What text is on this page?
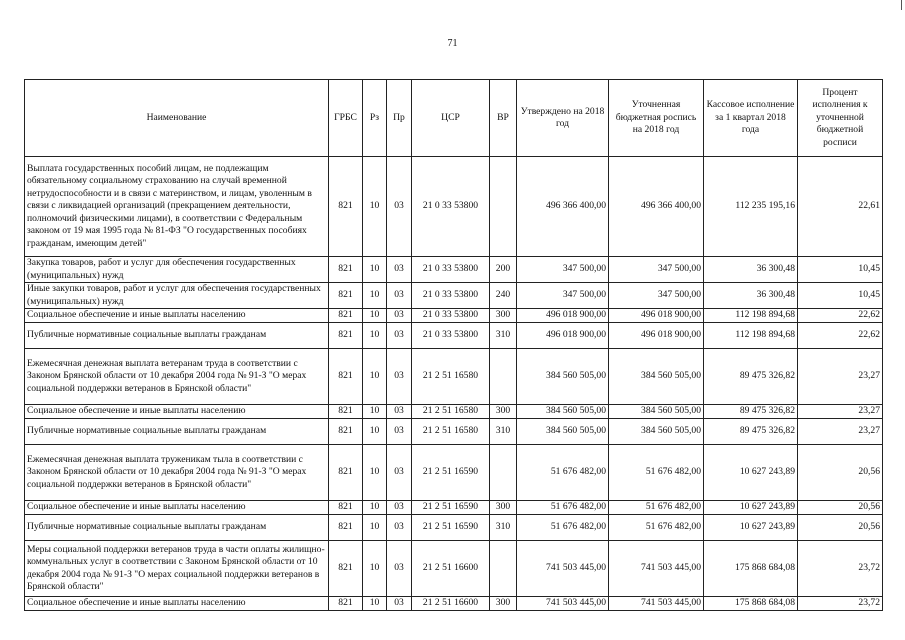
71
Наименование	ГРБС	Рз	Пр	ЦСР	ВР	Утверждено на 2018 год	Уточненная бюджетная роспись на 2018 год	Кассовое исполнение за 1 квартал 2018 года	Процент исполнения к уточненной бюджетной росписи
Выплата государственных пособий лицам, не подлежащим обязательному социальному страхованию на случай временной нетрудоспособности и в связи с материнством, и лицам, уволенным в связи с ликвидацией организаций (прекращением деятельности, полномочий физическими лицами), в соответствии с Федеральным законом от 19 мая 1995 года № 81-ФЗ "О государственных пособиях гражданам, имеющим детей"	821	10	03	21 0 33 53800		496 366 400,00	496 366 400,00	112 235 195,16	22,61
Закупка товаров, работ и услуг для обеспечения государственных (муниципальных) нужд	821	10	03	21 0 33 53800	200	347 500,00	347 500,00	36 300,48	10,45
Иные закупки товаров, работ и услуг для обеспечения государственных (муниципальных) нужд	821	10	03	21 0 33 53800	240	347 500,00	347 500,00	36 300,48	10,45
Социальное обеспечение и иные выплаты населению	821	10	03	21 0 33 53800	300	496 018 900,00	496 018 900,00	112 198 894,68	22,62
Публичные нормативные социальные выплаты гражданам	821	10	03	21 0 33 53800	310	496 018 900,00	496 018 900,00	112 198 894,68	22,62
Ежемесячная денежная выплата ветеранам труда в соответствии с Законом Брянской области от 10 декабря 2004 года № 91-З "О мерах социальной поддержки ветеранов в Брянской области"	821	10	03	21 2 51 16580		384 560 505,00	384 560 505,00	89 475 326,82	23,27
Социальное обеспечение и иные выплаты населению	821	10	03	21 2 51 16580	300	384 560 505,00	384 560 505,00	89 475 326,82	23,27
Публичные нормативные социальные выплаты гражданам	821	10	03	21 2 51 16580	310	384 560 505,00	384 560 505,00	89 475 326,82	23,27
Ежемесячная денежная выплата труженикам тыла в соответствии с Законом Брянской области от 10 декабря 2004 года № 91-З "О мерах социальной поддержки ветеранов в Брянской области"	821	10	03	21 2 51 16590		51 676 482,00	51 676 482,00	10 627 243,89	20,56
Социальное обеспечение и иные выплаты населению	821	10	03	21 2 51 16590	300	51 676 482,00	51 676 482,00	10 627 243,89	20,56
Публичные нормативные социальные выплаты гражданам	821	10	03	21 2 51 16590	310	51 676 482,00	51 676 482,00	10 627 243,89	20,56
Меры социальной поддержки ветеранов труда в части оплаты жилищно-коммунальных услуг в соответствии с Законом Брянской области от 10 декабря 2004 года № 91-З "О мерах социальной поддержки ветеранов в Брянской области"	821	10	03	21 2 51 16600		741 503 445,00	741 503 445,00	175 868 684,08	23,72
Социальное обеспечение и иные выплаты населению	821	10	03	21 2 51 16600	300	741 503 445,00	741 503 445,00	175 868 684,08	23,72
